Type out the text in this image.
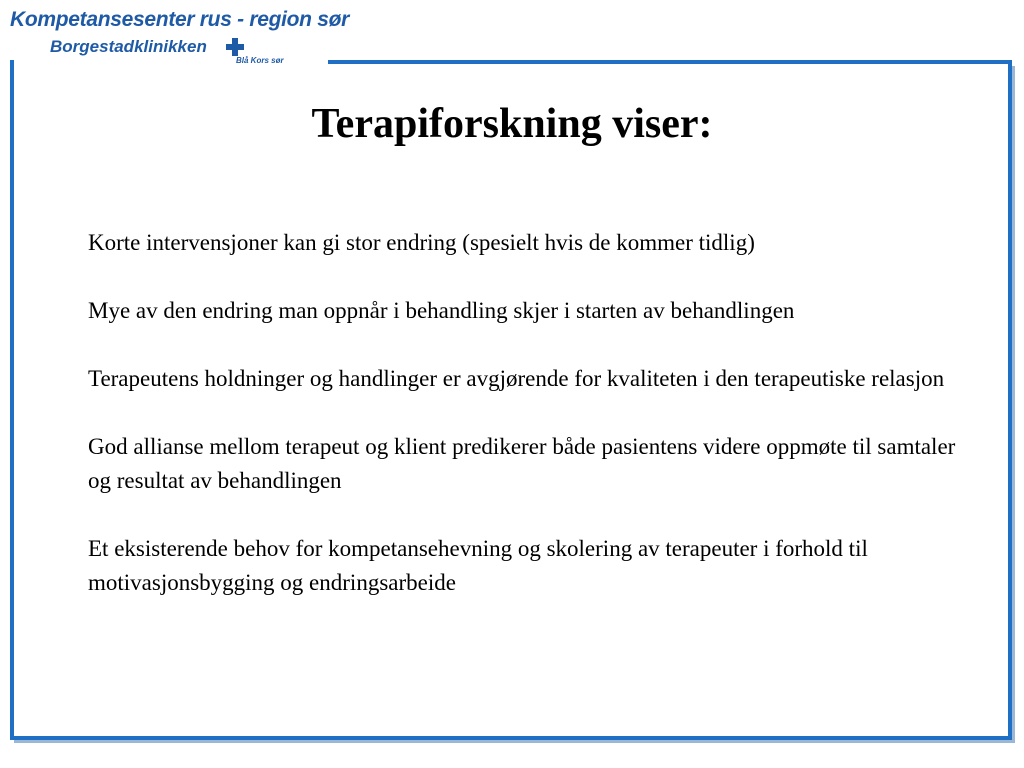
Kompetansesenter rus - region sør
Borgestadklinikken
Blå Kors sør
Terapiforskning viser:

Korte intervensjoner kan gi stor endring (spesielt hvis de kommer tidlig)

Mye av den endring man oppnår i behandling skjer i starten av behandlingen

Terapeutens holdninger og handlinger er avgjørende for kvaliteten i den terapeutiske relasjon

God allianse mellom terapeut og klient predikerer både pasientens videre oppmøte til samtaler og resultat av behandlingen

Et eksisterende behov for kompetansehevning og skolering av terapeuter i forhold til motivasjonsbygging og endringsarbeide
